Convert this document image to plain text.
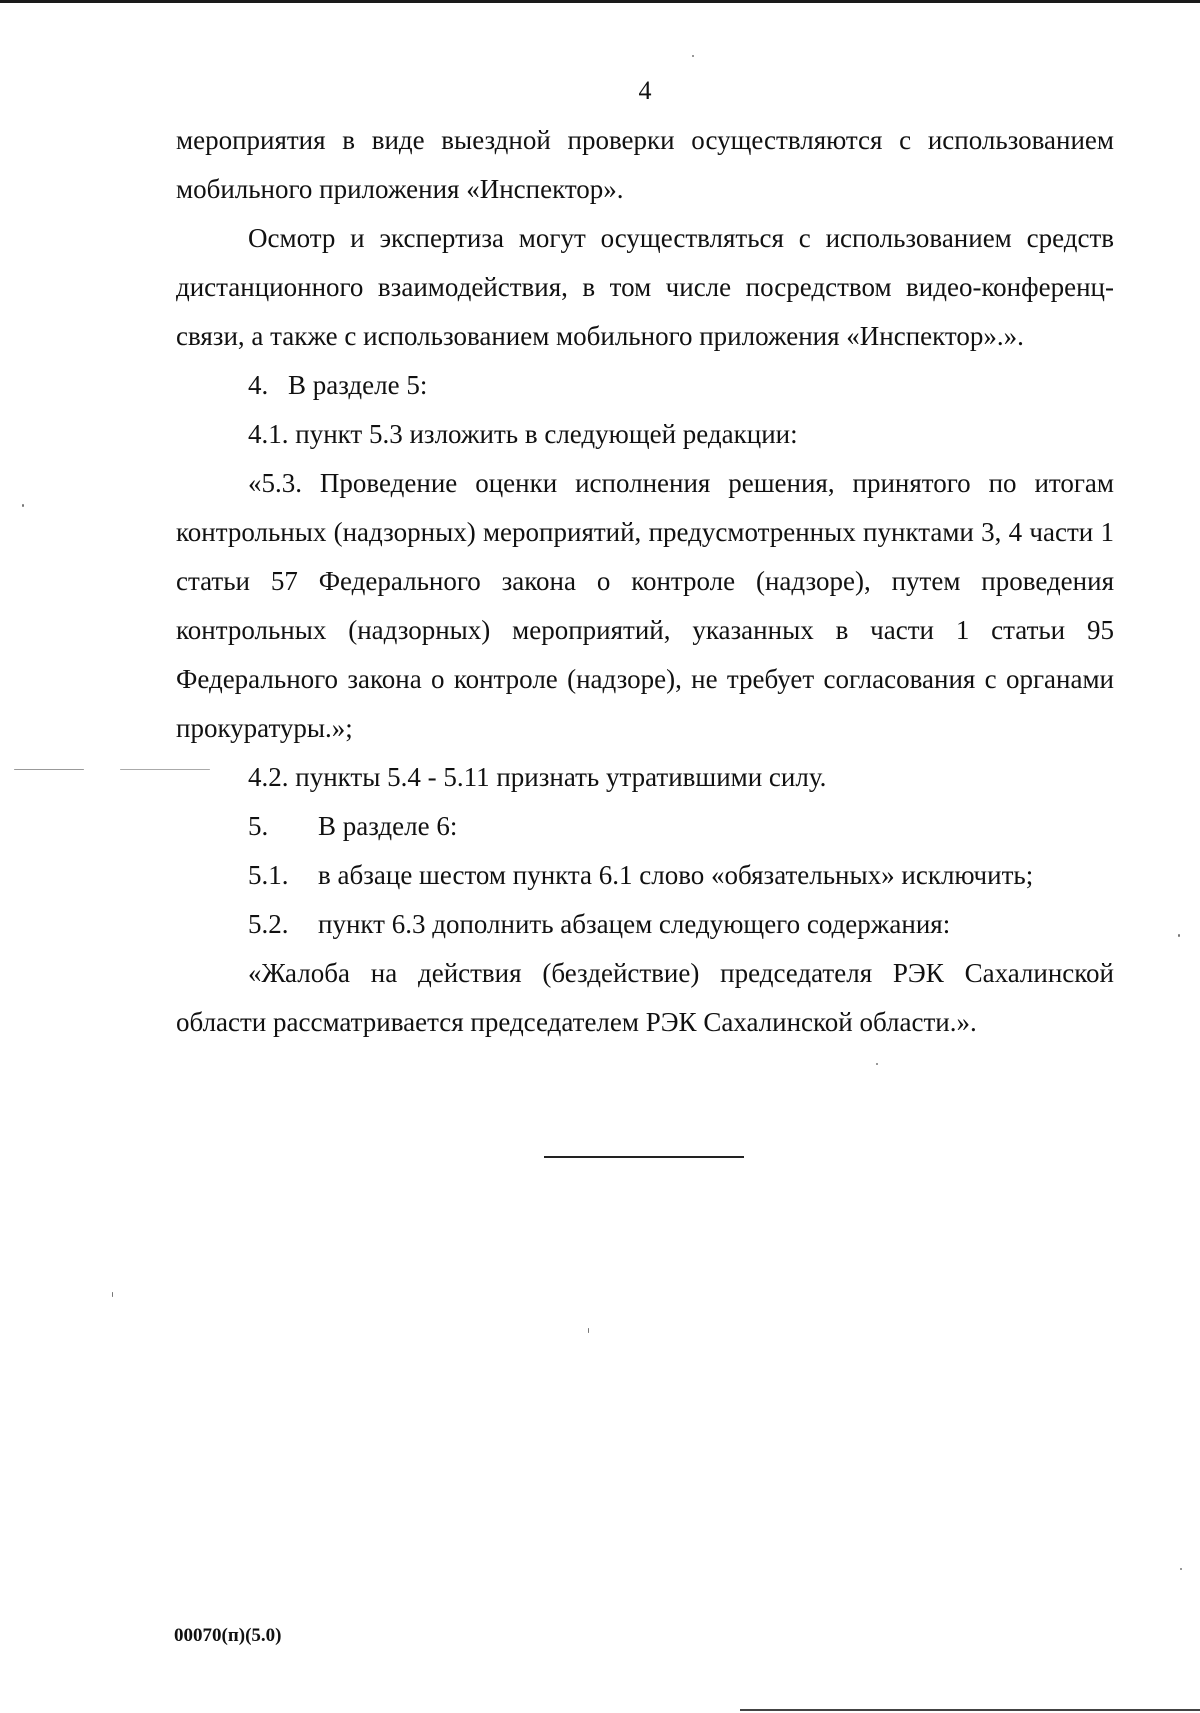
4

мероприятия в виде выездной проверки осуществляются с использованием мобильного приложения «Инспектор».

Осмотр и экспертиза могут осуществляться с использованием средств дистанционного взаимодействия, в том числе посредством видео-конференц-связи, а также с использованием мобильного приложения «Инспектор».».

4. В разделе 5:

4.1. пункт 5.3 изложить в следующей редакции:

«5.3. Проведение оценки исполнения решения, принятого по итогам контрольных (надзорных) мероприятий, предусмотренных пунктами 3, 4 части 1 статьи 57 Федерального закона о контроле (надзоре), путем проведения контрольных (надзорных) мероприятий, указанных в части 1 статьи 95 Федерального закона о контроле (надзоре), не требует согласования с органами прокуратуры.»;

4.2. пункты 5.4 - 5.11 признать утратившими силу.

5. В разделе 6:

5.1. в абзаце шестом пункта 6.1 слово «обязательных» исключить;

5.2. пункт 6.3 дополнить абзацем следующего содержания:

«Жалоба на действия (бездействие) председателя РЭК Сахалинской области рассматривается председателем РЭК Сахалинской области.».

00070(п)(5.0)
